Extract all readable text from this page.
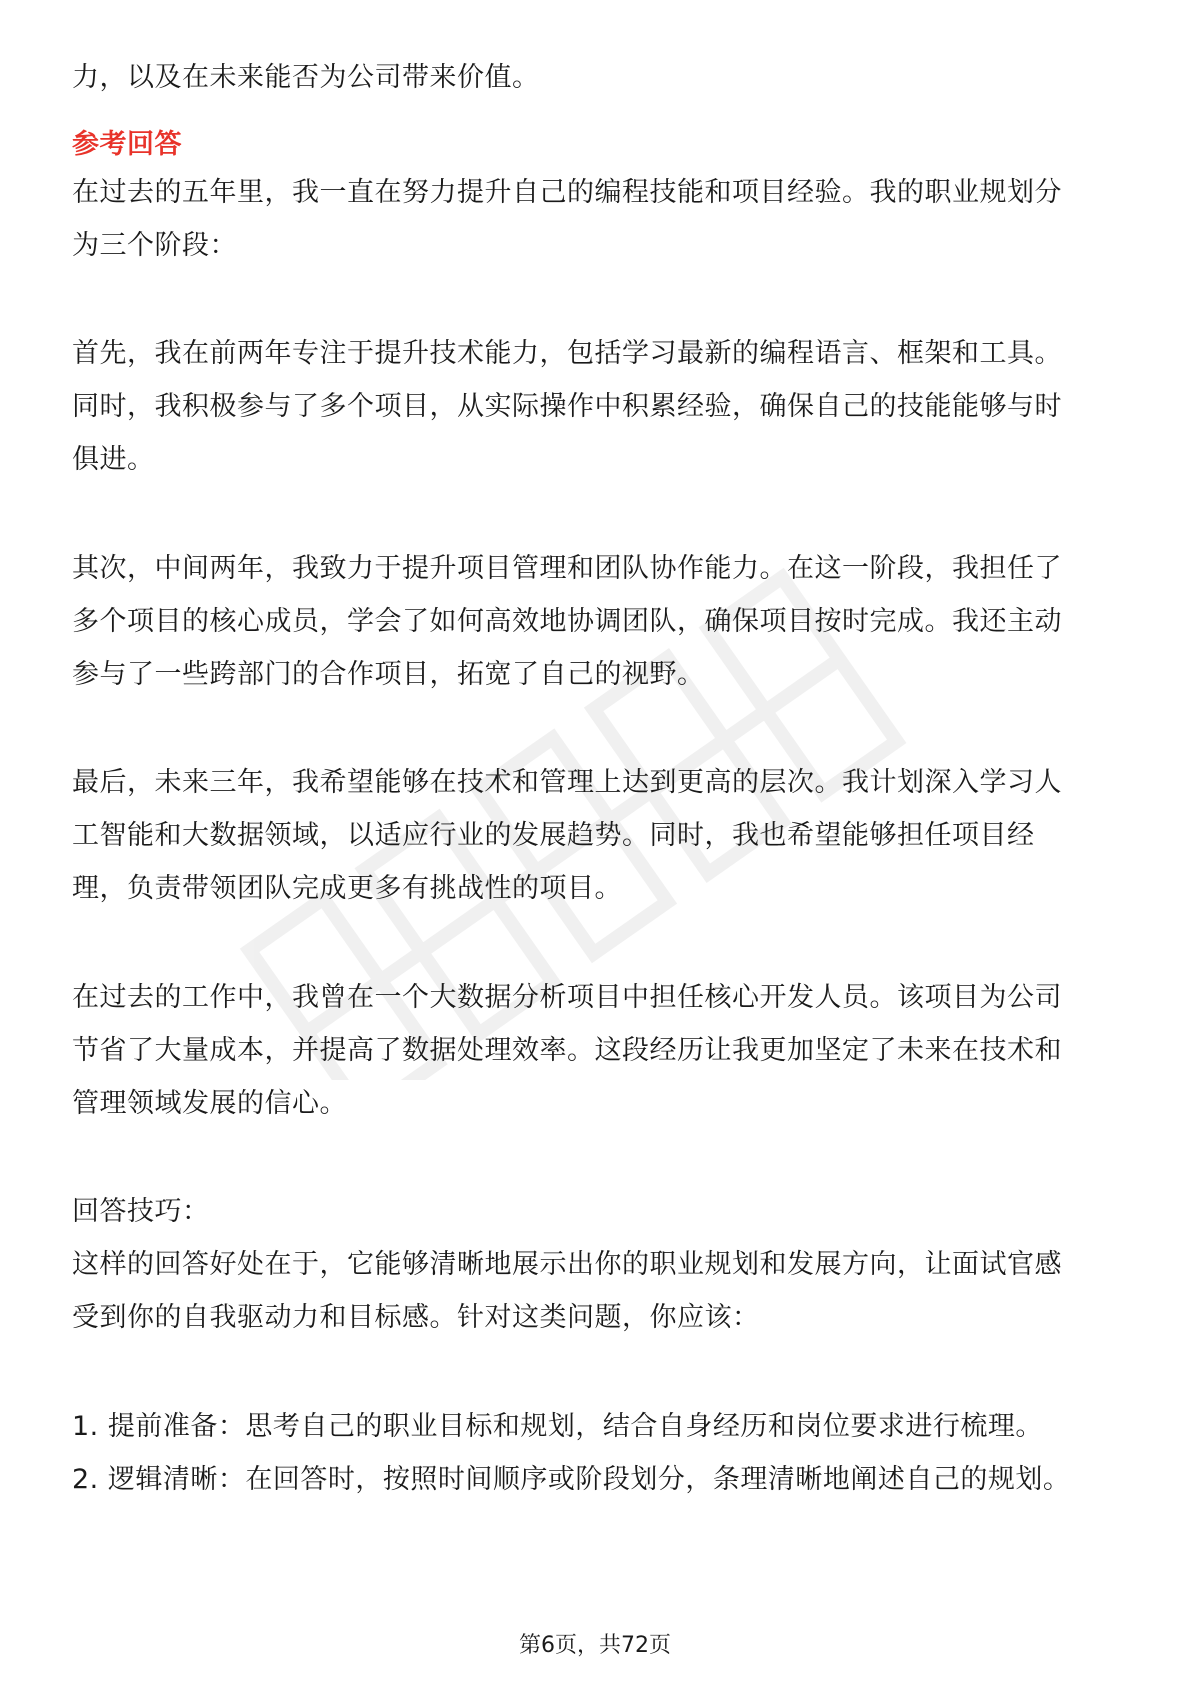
力，以及在未来能否为公司带来价值。
参考回答
在过去的五年里，我一直在努力提升自己的编程技能和项目经验。我的职业规划分
为三个阶段：
首先，我在前两年专注于提升技术能力，包括学习最新的编程语言、框架和工具。
同时，我积极参与了多个项目，从实际操作中积累经验，确保自己的技能能够与时
俱进。
其次，中间两年，我致力于提升项目管理和团队协作能力。在这一阶段，我担任了
多个项目的核心成员，学会了如何高效地协调团队，确保项目按时完成。我还主动
参与了一些跨部门的合作项目，拓宽了自己的视野。
最后，未来三年，我希望能够在技术和管理上达到更高的层次。我计划深入学习人
工智能和大数据领域，以适应行业的发展趋势。同时，我也希望能够担任项目经
理，负责带领团队完成更多有挑战性的项目。
在过去的工作中，我曾在一个大数据分析项目中担任核心开发人员。该项目为公司
节省了大量成本，并提高了数据处理效率。这段经历让我更加坚定了未来在技术和
管理领域发展的信心。
回答技巧：
这样的回答好处在于，它能够清晰地展示出你的职业规划和发展方向，让面试官感
受到你的自我驱动力和目标感。针对这类问题，你应该：
1. 提前准备：思考自己的职业目标和规划，结合自身经历和岗位要求进行梳理。
2. 逻辑清晰：在回答时，按照时间顺序或阶段划分，条理清晰地阐述自己的规划。
第6页，共72页
